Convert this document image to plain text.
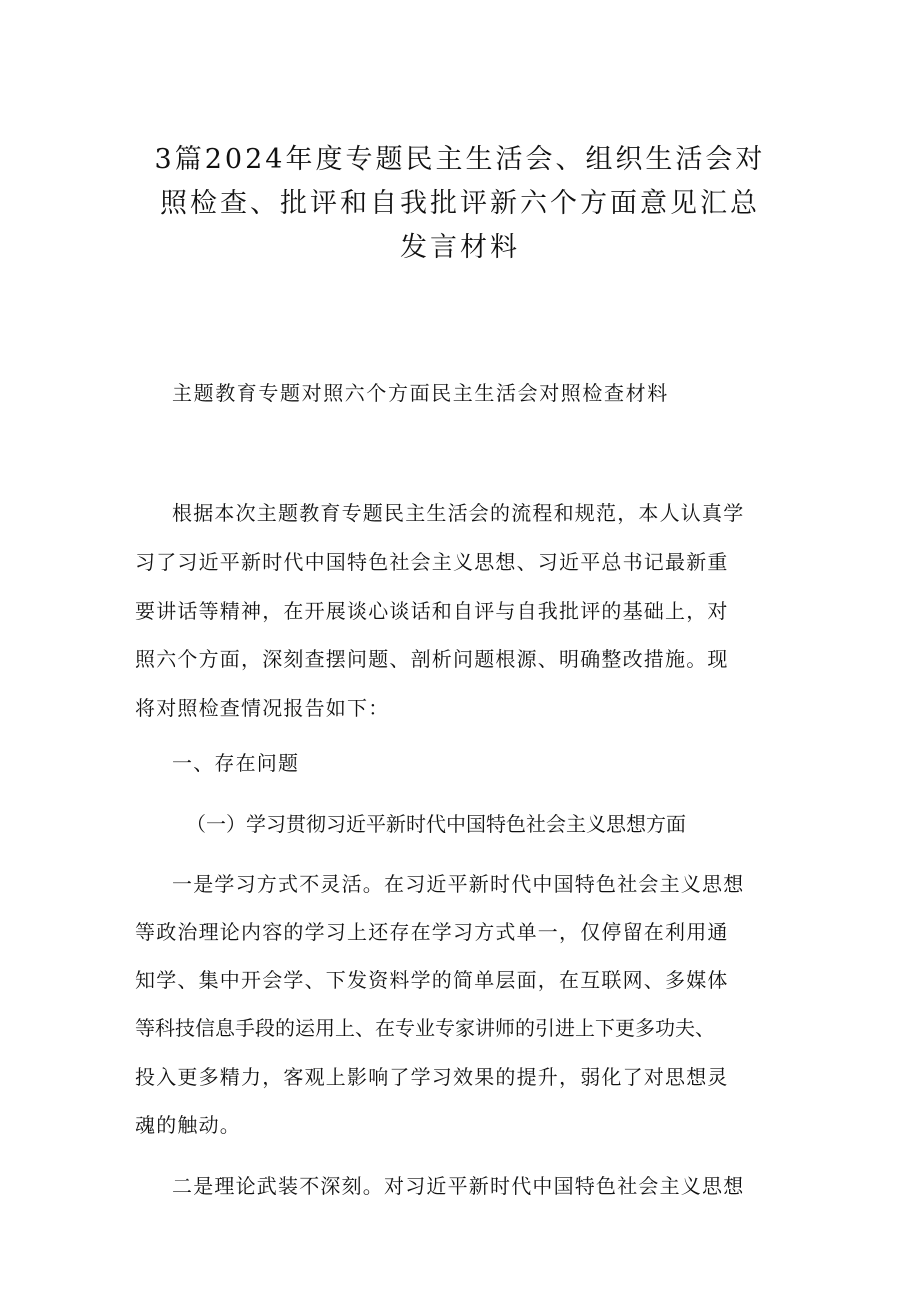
3篇2024年度专题民主生活会、组织生活会对
照检查、批评和自我批评新六个方面意见汇总
发言材料

主题教育专题对照六个方面民主生活会对照检查材料

根据本次主题教育专题民主生活会的流程和规范，本人认真学

习了习近平新时代中国特色社会主义思想、习近平总书记最新重

要讲话等精神，在开展谈心谈话和自评与自我批评的基础上，对

照六个方面，深刻查摆问题、剖析问题根源、明确整改措施。现

将对照检查情况报告如下：

一、存在问题

（一）学习贯彻习近平新时代中国特色社会主义思想方面

一是学习方式不灵活。在习近平新时代中国特色社会主义思想

等政治理论内容的学习上还存在学习方式单一，仅停留在利用通

知学、集中开会学、下发资料学的简单层面，在互联网、多媒体

等科技信息手段的运用上、在专业专家讲师的引进上下更多功夫、

投入更多精力，客观上影响了学习效果的提升，弱化了对思想灵

魂的触动。

二是理论武装不深刻。对习近平新时代中国特色社会主义思想
